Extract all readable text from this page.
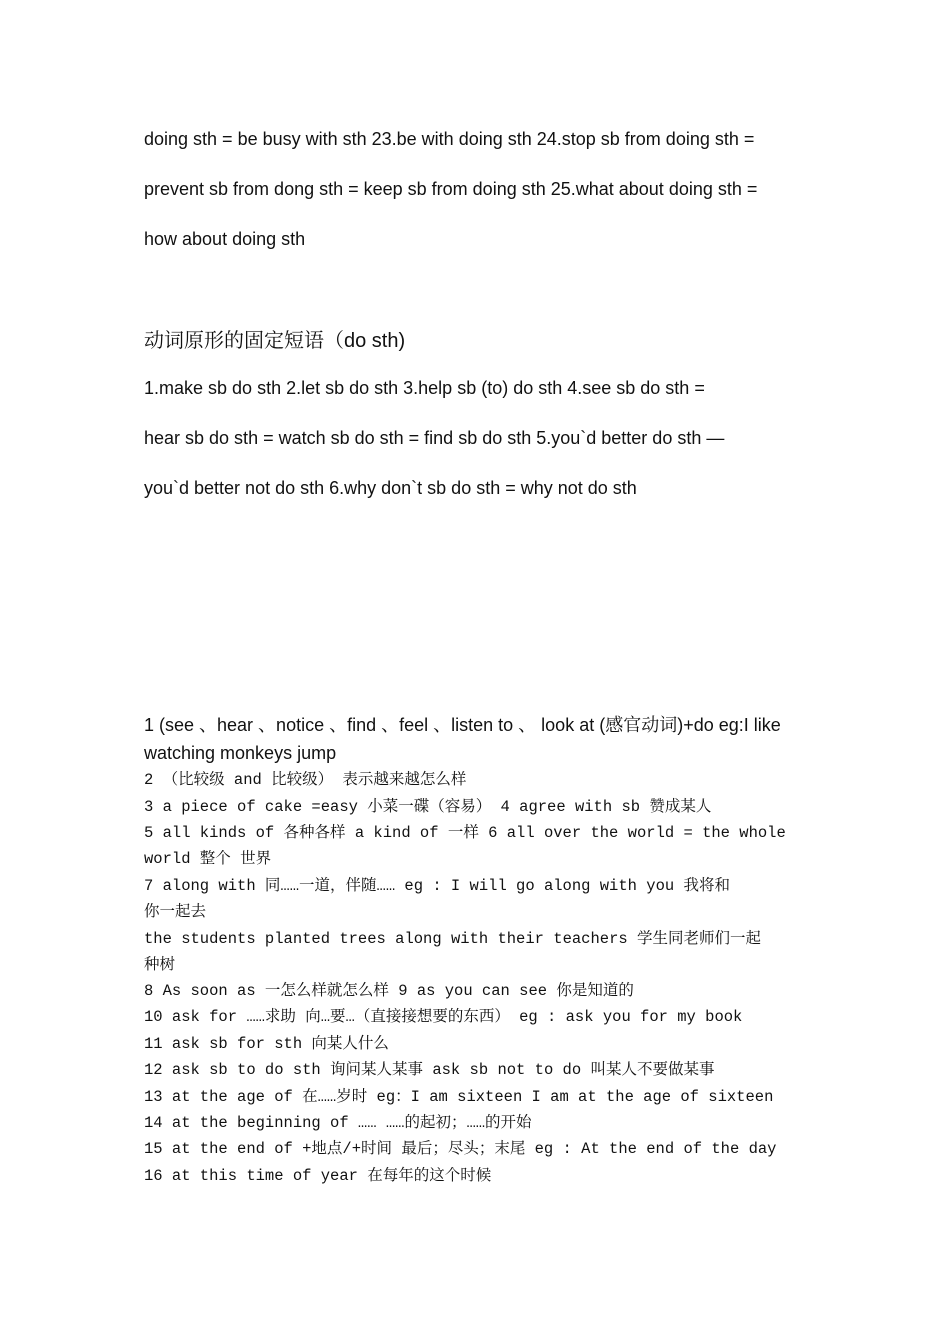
doing sth = be busy with sth 23.be with doing sth 24.stop sb from doing sth =
prevent sb from dong sth = keep sb from doing sth 25.what about doing sth =
how about doing sth
动词原形的固定短语（do sth)
1.make sb do sth 2.let sb do sth 3.help sb (to) do sth 4.see sb do sth =
hear sb do sth = watch sb do sth = find sb do sth 5.you`d better do sth —
you`d better not do sth 6.why don`t sb do sth = why not do sth
1 (see 、hear 、notice 、find 、feel 、listen to 、 look at (感官动词)+do eg:I like watching monkeys jump
2 （比较级 and 比较级） 表示越来越怎么样
3 a piece of cake =easy 小菜一碟（容易） 4 agree with sb 赞成某人
5 all kinds of 各种各样 a kind of 一样 6 all over the world = the whole
world 整个 世界
7 along with 同……一道，伴随…… eg : I will go along with you 我将和
你一起去
the students planted trees along with their teachers 学生同老师们一起
种树
8 As soon as 一怎么样就怎么样 9 as you can see 你是知道的
10 ask for ……求助 向…要…（直接接想要的东西） eg : ask you for my book
11 ask sb for sth 向某人什么
12 ask sb to do sth 询问某人某事 ask sb not to do 叫某人不要做某事
13 at the age of 在……岁时 eg：I am sixteen I am at the age of sixteen
14 at the beginning of …… ……的起初；……的开始
15 at the end of +地点/+时间 最后；尽头；末尾 eg : At the end of the day
16 at this time of year 在每年的这个时候
